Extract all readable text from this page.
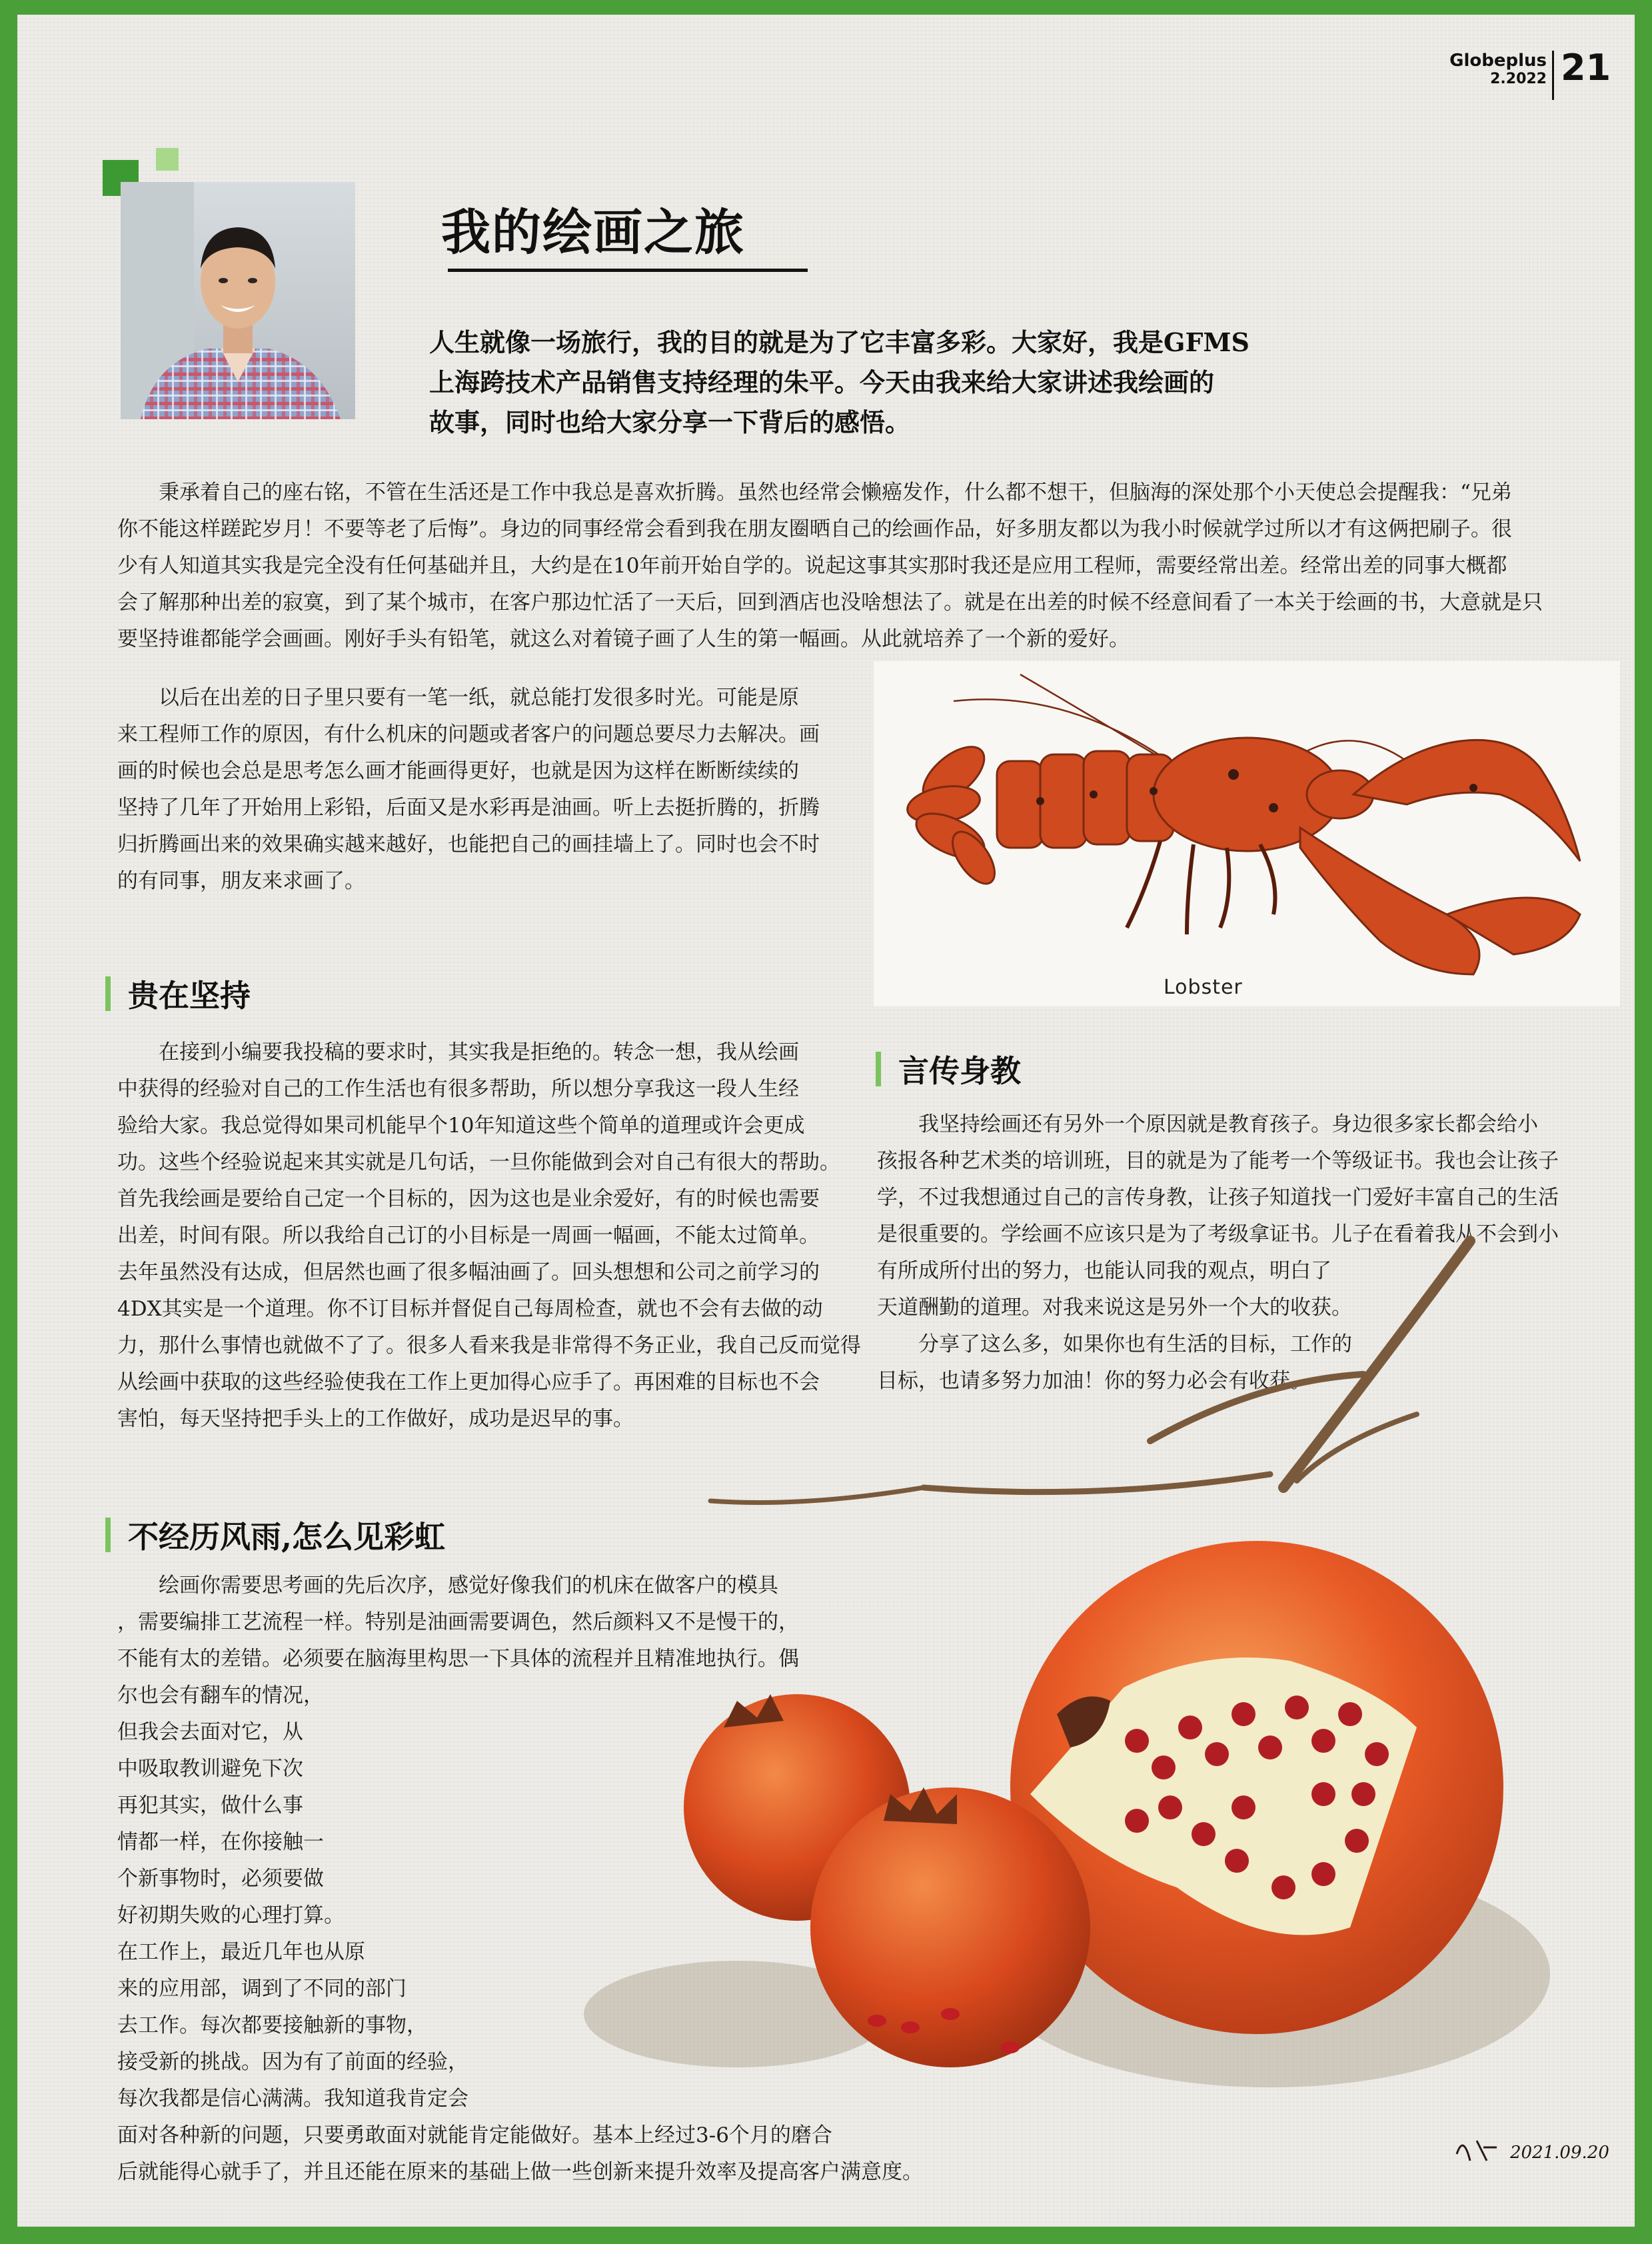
Globeplus
2.2022 21
我的绘画之旅
人生就像一场旅行，我的目的就是为了它丰富多彩。大家好，我是GFMS
上海跨技术产品销售支持经理的朱平。今天由我来给大家讲述我绘画的
故事，同时也给大家分享一下背后的感悟。
秉承着自己的座右铭，不管在生活还是工作中我总是喜欢折腾。虽然也经常会懒癌发作，什么都不想干，但脑海的深处那个小天使总会提醒我：“兄弟
你不能这样蹉跎岁月！不要等老了后悔”。身边的同事经常会看到我在朋友圈晒自己的绘画作品，好多朋友都以为我小时候就学过所以才有这俩把刷子。很
少有人知道其实我是完全没有任何基础并且，大约是在10年前开始自学的。说起这事其实那时我还是应用工程师，需要经常出差。经常出差的同事大概都
会了解那种出差的寂寞，到了某个城市，在客户那边忙活了一天后，回到酒店也没啥想法了。就是在出差的时候不经意间看了一本关于绘画的书，大意就是只
要坚持谁都能学会画画。刚好手头有铅笔，就这么对着镜子画了人生的第一幅画。从此就培养了一个新的爱好。
以后在出差的日子里只要有一笔一纸，就总能打发很多时光。可能是原
来工程师工作的原因，有什么机床的问题或者客户的问题总要尽力去解决。画
画的时候也会总是思考怎么画才能画得更好，也就是因为这样在断断续续的
坚持了几年了开始用上彩铅，后面又是水彩再是油画。听上去挺折腾的，折腾
归折腾画出来的效果确实越来越好，也能把自己的画挂墙上了。同时也会不时
的有同事，朋友来求画了。
Lobster
贵在坚持
在接到小编要我投稿的要求时，其实我是拒绝的。转念一想，我从绘画
中获得的经验对自己的工作生活也有很多帮助，所以想分享我这一段人生经
验给大家。我总觉得如果司机能早个10年知道这些个简单的道理或许会更成
功。这些个经验说起来其实就是几句话，一旦你能做到会对自己有很大的帮助。
首先我绘画是要给自己定一个目标的，因为这也是业余爱好，有的时候也需要
出差，时间有限。所以我给自己订的小目标是一周画一幅画，不能太过简单。
去年虽然没有达成，但居然也画了很多幅油画了。回头想想和公司之前学习的
4DX其实是一个道理。你不订目标并督促自己每周检查，就也不会有去做的动
力，那什么事情也就做不了了。很多人看来我是非常得不务正业，我自己反而觉得
从绘画中获取的这些经验使我在工作上更加得心应手了。再困难的目标也不会
害怕，每天坚持把手头上的工作做好，成功是迟早的事。
言传身教
我坚持绘画还有另外一个原因就是教育孩子。身边很多家长都会给小
孩报各种艺术类的培训班，目的就是为了能考一个等级证书。我也会让孩子
学，不过我想通过自己的言传身教，让孩子知道找一门爱好丰富自己的生活
是很重要的。学绘画不应该只是为了考级拿证书。儿子在看着我从不会到小
有所成所付出的努力，也能认同我的观点，明白了
天道酬勤的道理。对我来说这是另外一个大的收获。
分享了这么多，如果你也有生活的目标，工作的
目标，也请多努力加油！你的努力必会有收获。
2021.09.20
不经历风雨,怎么见彩虹
绘画你需要思考画的先后次序，感觉好像我们的机床在做客户的模具
，需要编排工艺流程一样。特别是油画需要调色，然后颜料又不是慢干的，
不能有太的差错。必须要在脑海里构思一下具体的流程并且精准地执行。偶
尔也会有翻车的情况，
但我会去面对它，从
中吸取教训避免下次
再犯其实，做什么事
情都一样，在你接触一
个新事物时，必须要做
好初期失败的心理打算。
在工作上，最近几年也从原
来的应用部，调到了不同的部门
去工作。每次都要接触新的事物，
接受新的挑战。因为有了前面的经验，
每次我都是信心满满。我知道我肯定会
面对各种新的问题，只要勇敢面对就能肯定能做好。基本上经过3-6个月的磨合
后就能得心就手了，并且还能在原来的基础上做一些创新来提升效率及提高客户满意度。
